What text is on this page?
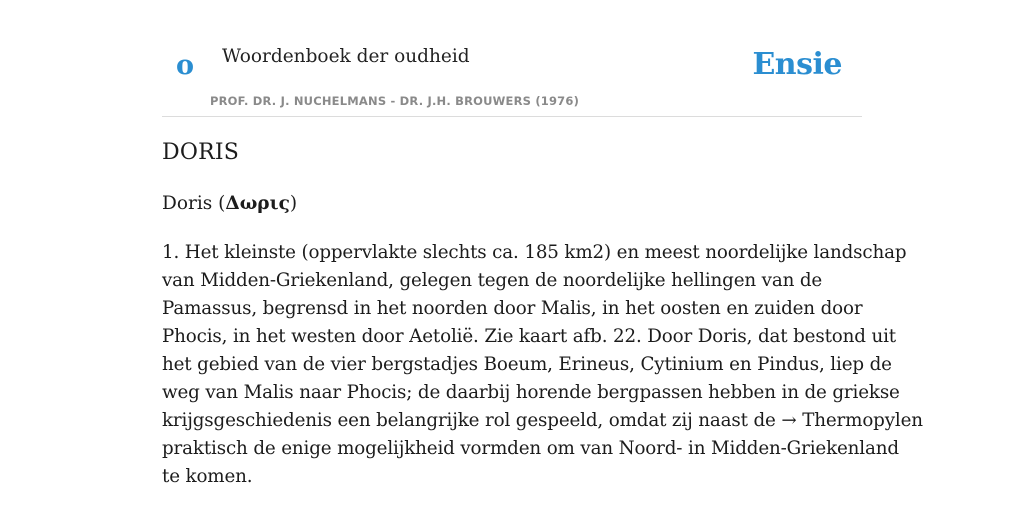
o Woordenboek der oudheid
PROF. DR. J. NUCHELMANS - DR. J.H. BROUWERS (1976)
Ensie
DORIS

Doris (Δωρις)

1. Het kleinste (oppervlakte slechts ca. 185 km2) en meest noordelijke landschap
van Midden-Griekenland, gelegen tegen de noordelijke hellingen van de
Pamassus, begrensd in het noorden door Malis, in het oosten en zuiden door
Phocis, in het westen door Aetolië. Zie kaart afb. 22. Door Doris, dat bestond uit
het gebied van de vier bergstadjes Boeum, Erineus, Cytinium en Pindus, liep de
weg van Malis naar Phocis; de daarbij horende bergpassen hebben in de griekse
krijgsgeschiedenis een belangrijke rol gespeeld, omdat zij naast de → Thermopylen
praktisch de enige mogelijkheid vormden om van Noord- in Midden-Griekenland
te komen.
